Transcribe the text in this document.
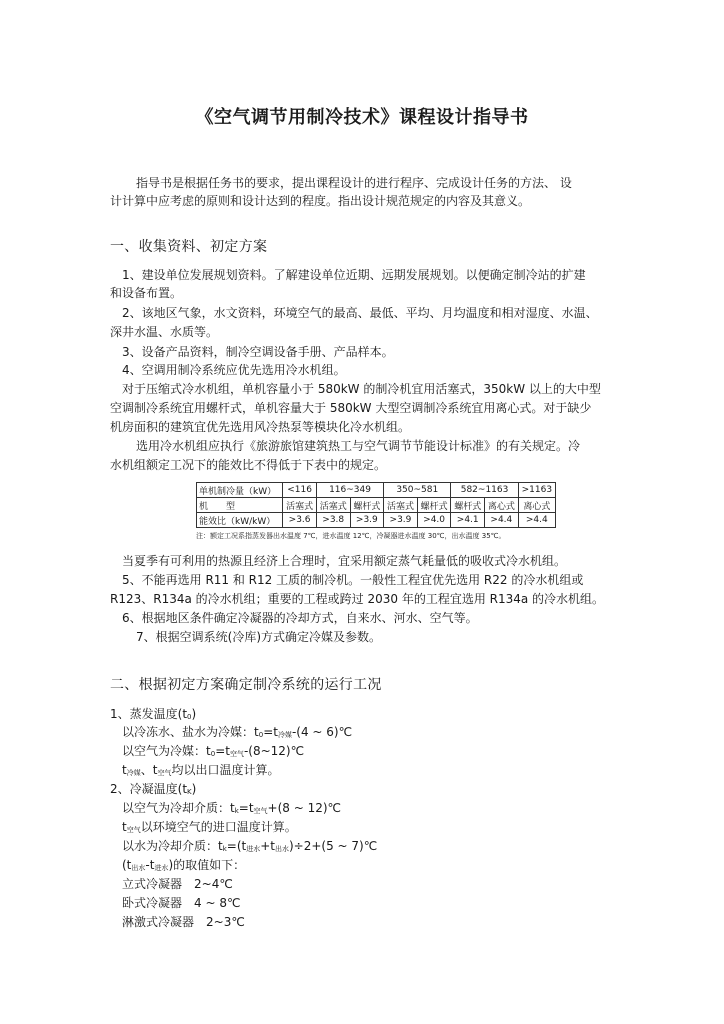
《空气调节用制冷技术》课程设计指导书
指导书是根据任务书的要求，提出课程设计的进行程序、完成设计任务的方法、 设
计计算中应考虑的原则和设计达到的程度。指出设计规范规定的内容及其意义。
一、收集资料、初定方案
1、建设单位发展规划资料。了解建设单位近期、远期发展规划。以便确定制冷站的扩建
和设备布置。
2、该地区气象，水文资料，环境空气的最高、最低、平均、月均温度和相对湿度、水温、
深井水温、水质等。
3、设备产品资料，制冷空调设备手册、产品样本。
4、空调用制冷系统应优先选用冷水机组。
对于压缩式冷水机组，单机容量小于 580kW 的制冷机宜用活塞式，350kW 以上的大中型
空调制冷系统宜用螺杆式，单机容量大于 580kW 大型空调制冷系统宜用离心式。对于缺少
机房面积的建筑宜优先选用风冷热泵等模块化冷水机组。
选用冷水机组应执行《旅游旅馆建筑热工与空气调节节能设计标准》的有关规定。冷
水机组额定工况下的能效比不得低于下表中的规定。
单机制冷量（kW）	<116	116~349		350~581		582~1163		>1163
机　　型	活塞式	活塞式	螺杆式	活塞式	螺杆式	螺杆式	离心式	离心式
能效比（kW/kW）	>3.6	>3.8	>3.9	>3.9	>4.0	>4.1	>4.4	>4.4
注：额定工况系指蒸发器出水温度 7℃，进水温度 12℃，冷凝器进水温度 30℃，出水温度 35℃。
当夏季有可利用的热源且经济上合理时，宜采用额定蒸气耗量低的吸收式冷水机组。
5、不能再选用 R11 和 R12 工质的制冷机。一般性工程宜优先选用 R22 的冷水机组或
R123、R134a 的冷水机组；重要的工程或跨过 2030 年的工程宜选用 R134a 的冷水机组。
6、根据地区条件确定冷凝器的冷却方式，自来水、河水、空气等。
7、根据空调系统(冷库)方式确定冷媒及参数。
二、根据初定方案确定制冷系统的运行工况
1、蒸发温度(t0)
以冷冻水、盐水为冷媒：t0=t冷媒-(4 ~ 6)℃
以空气为冷媒：t0=t空气-(8~12)℃
t冷媒、t空气均以出口温度计算。
2、冷凝温度(tK)
以空气为冷却介质：tk=t空气+(8 ~ 12)℃
t空气以环境空气的进口温度计算。
以水为冷却介质：tk=(t进水+t出水)÷2+(5 ~ 7)℃
(t出水-t进水)的取值如下：
立式冷凝器　2~4℃
卧式冷凝器　4 ~ 8℃
淋激式冷凝器　2~3℃
